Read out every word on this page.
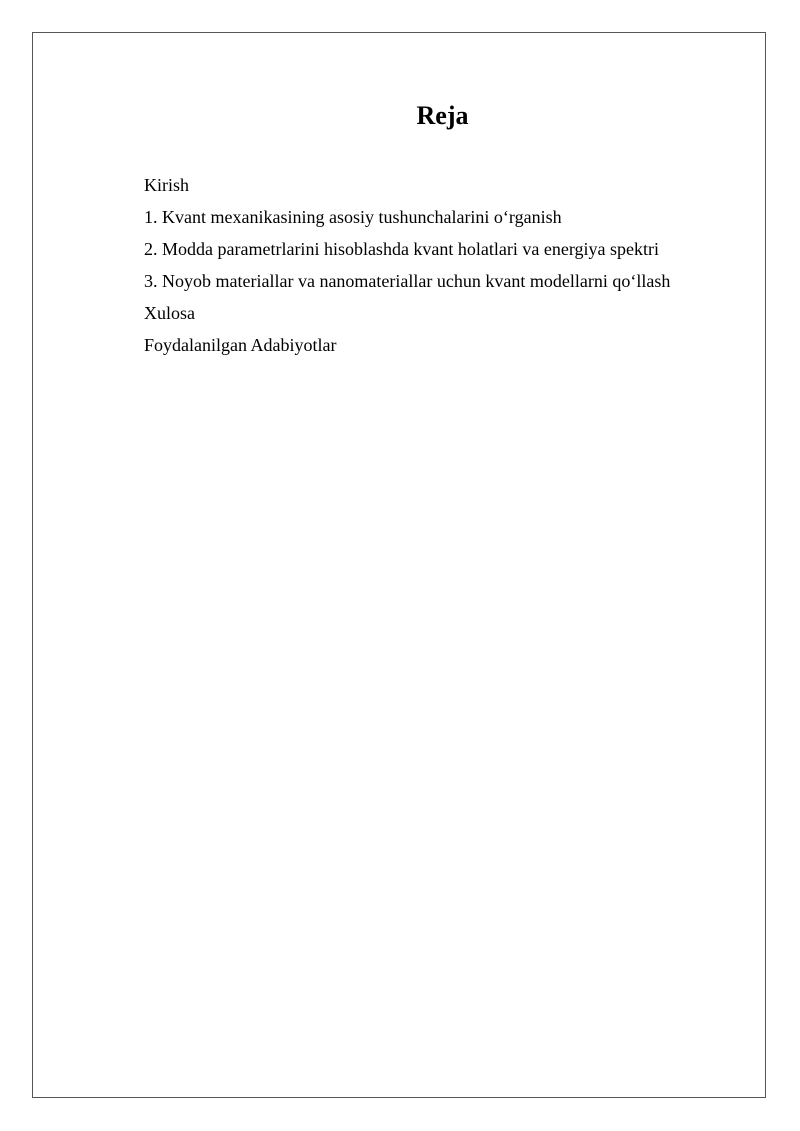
Reja
Kirish
1. Kvant mexanikasining asosiy tushunchalarini o‘rganish
2. Modda parametrlarini hisoblashda kvant holatlari va energiya spektri
3. Noyob materiallar va nanomateriallar uchun kvant modellarni qo‘llash
Xulosa
Foydalanilgan Adabiyotlar
